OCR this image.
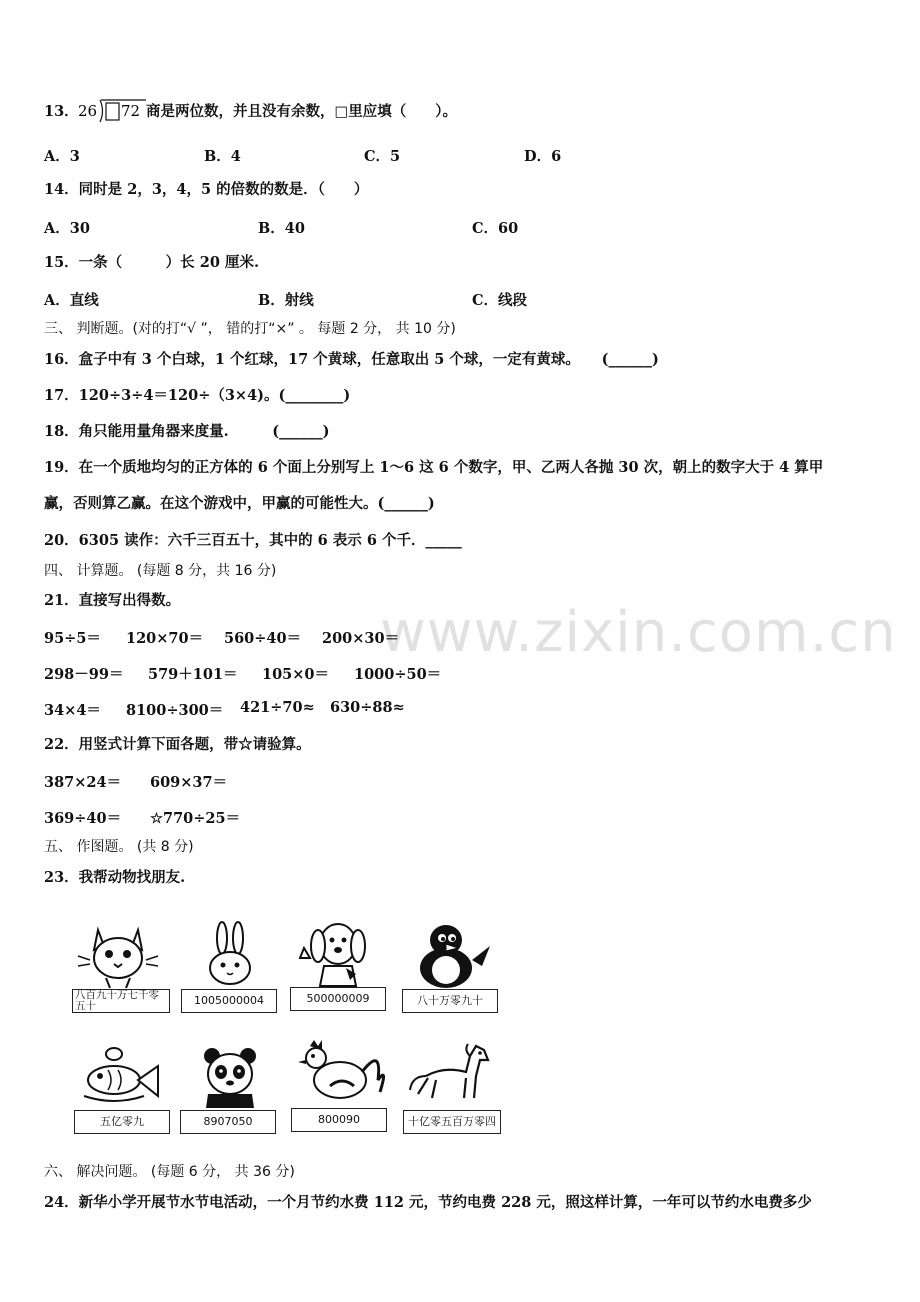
www.zixin.com.cn
13． 26 72 商是两位数，并且没有余数，□里应填（　　）。
A．3	B．4	C．5	D．6
14．同时是 2，3，4，5 的倍数的数是．（　　）
A．30	B．40	C．60
15．一条（　　　）长 20 厘米.
A．直线	B．射线	C．线段
三、 判断题。(对的打“√ ”， 错的打“×” 。 每题 2 分， 共 10 分)
16．盒子中有 3 个白球，1 个红球，17 个黄球，任意取出 5 个球，一定有黄球。　　(______)
17．120÷3÷4＝120÷（3×4)。(________)
18．角只能用量角器来度量.　　　(______)
19．在一个质地均匀的正方体的 6 个面上分别写上 1～6 这 6 个数字，甲、乙两人各抛 30 次，朝上的数字大于 4 算甲
赢，否则算乙赢。在这个游戏中，甲赢的可能性大。(______)
20．6305 读作：六千三百五十，其中的 6 表示 6 个千．_____
四、 计算题。 (每题 8 分，共 16 分)
21．直接写出得数。
95÷5＝ 120×70＝ 560÷40＝ 200×30＝
298－99＝ 579＋101＝ 105×0＝ 1000÷50＝
34×4＝ 8100÷300＝ 421÷70≈ 630÷88≈
22．用竖式计算下面各题，带☆请验算。
387×24＝ 609×37＝
369÷40＝ ☆770÷25＝
五、 作图题。 (共 8 分)
23．我帮动物找朋友.
八百九十万七千零
五十	1005000004	500000009	八十万零九十
五亿零九	8907050	800090	十亿零五百万零四
六、 解决问题。 (每题 6 分， 共 36 分)
24．新华小学开展节水节电活动，一个月节约水费 112 元，节约电费 228 元，照这样计算，一年可以节约水电费多少
